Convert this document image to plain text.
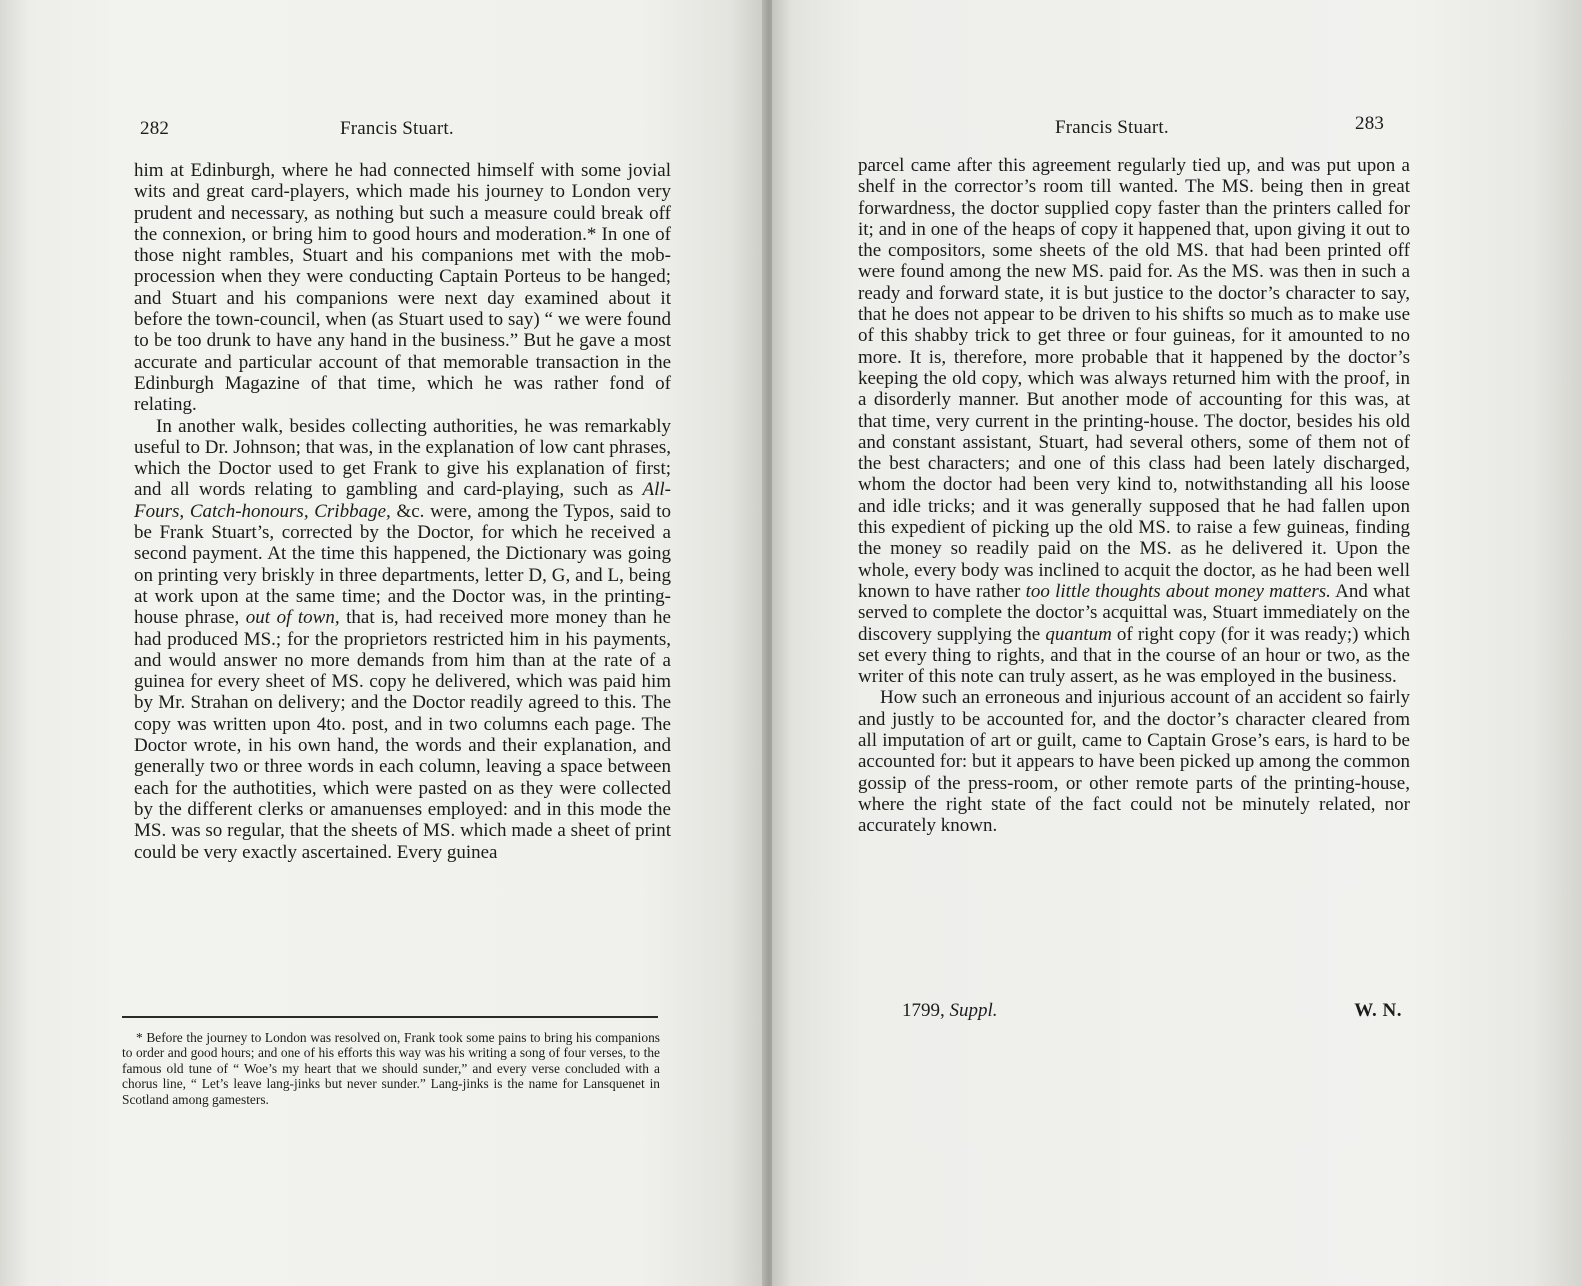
282	Francis Stuart.

him at Edinburgh, where he had connected himself with some jovial wits and great card-players, which made his journey to London very prudent and necessary, as nothing but such a measure could break off the connexion, or bring him to good hours and moderation.* In one of those night rambles, Stuart and his companions met with the mob-procession when they were conducting Captain Porteus to be hanged; and Stuart and his companions were next day examined about it before the town-council, when (as Stuart used to say) “ we were found to be too drunk to have any hand in the business.” But he gave a most accurate and particular account of that memorable transaction in the Edinburgh Magazine of that time, which he was rather fond of relating.

In another walk, besides collecting authorities, he was remarkably useful to Dr. Johnson; that was, in the explanation of low cant phrases, which the Doctor used to get Frank to give his explanation of first; and all words relating to gambling and card-playing, such as All-Fours, Catch-honours, Cribbage, &c. were, among the Typos, said to be Frank Stuart’s, corrected by the Doctor, for which he received a second payment. At the time this happened, the Dictionary was going on printing very briskly in three departments, letter D, G, and L, being at work upon at the same time; and the Doctor was, in the printing-house phrase, out of town, that is, had received more money than he had produced MS.; for the proprietors restricted him in his payments, and would answer no more demands from him than at the rate of a guinea for every sheet of MS. copy he delivered, which was paid him by Mr. Strahan on delivery; and the Doctor readily agreed to this. The copy was written upon 4to. post, and in two columns each page. The Doctor wrote, in his own hand, the words and their explanation, and generally two or three words in each column, leaving a space between each for the authotities, which were pasted on as they were collected by the different clerks or amanuenses employed: and in this mode the MS. was so regular, that the sheets of MS. which made a sheet of print could be very exactly ascertained. Every guinea

* Before the journey to London was resolved on, Frank took some pains to bring his companions to order and good hours; and one of his efforts this way was his writing a song of four verses, to the famous old tune of “ Woe’s my heart that we should sunder,” and every verse concluded with a chorus line, “ Let’s leave lang-jinks but never sunder.” Lang-jinks is the name for Lansquenet in Scotland among gamesters.

Francis Stuart.	283

parcel came after this agreement regularly tied up, and was put upon a shelf in the corrector’s room till wanted. The MS. being then in great forwardness, the doctor supplied copy faster than the printers called for it; and in one of the heaps of copy it happened that, upon giving it out to the compositors, some sheets of the old MS. that had been printed off were found among the new MS. paid for. As the MS. was then in such a ready and forward state, it is but justice to the doctor’s character to say, that he does not appear to be driven to his shifts so much as to make use of this shabby trick to get three or four guineas, for it amounted to no more. It is, therefore, more probable that it happened by the doctor’s keeping the old copy, which was always returned him with the proof, in a disorderly manner. But another mode of accounting for this was, at that time, very current in the printing-house. The doctor, besides his old and constant assistant, Stuart, had several others, some of them not of the best characters; and one of this class had been lately discharged, whom the doctor had been very kind to, notwithstanding all his loose and idle tricks; and it was generally supposed that he had fallen upon this expedient of picking up the old MS. to raise a few guineas, finding the money so readily paid on the MS. as he delivered it. Upon the whole, every body was inclined to acquit the doctor, as he had been well known to have rather too little thoughts about money matters. And what served to complete the doctor’s acquittal was, Stuart immediately on the discovery supplying the quantum of right copy (for it was ready;) which set every thing to rights, and that in the course of an hour or two, as the writer of this note can truly assert, as he was employed in the business.

How such an erroneous and injurious account of an accident so fairly and justly to be accounted for, and the doctor’s character cleared from all imputation of art or guilt, came to Captain Grose’s ears, is hard to be accounted for: but it appears to have been picked up among the common gossip of the press-room, or other remote parts of the printing-house, where the right state of the fact could not be minutely related, nor accurately known.

1799, Suppl.	W. N.
